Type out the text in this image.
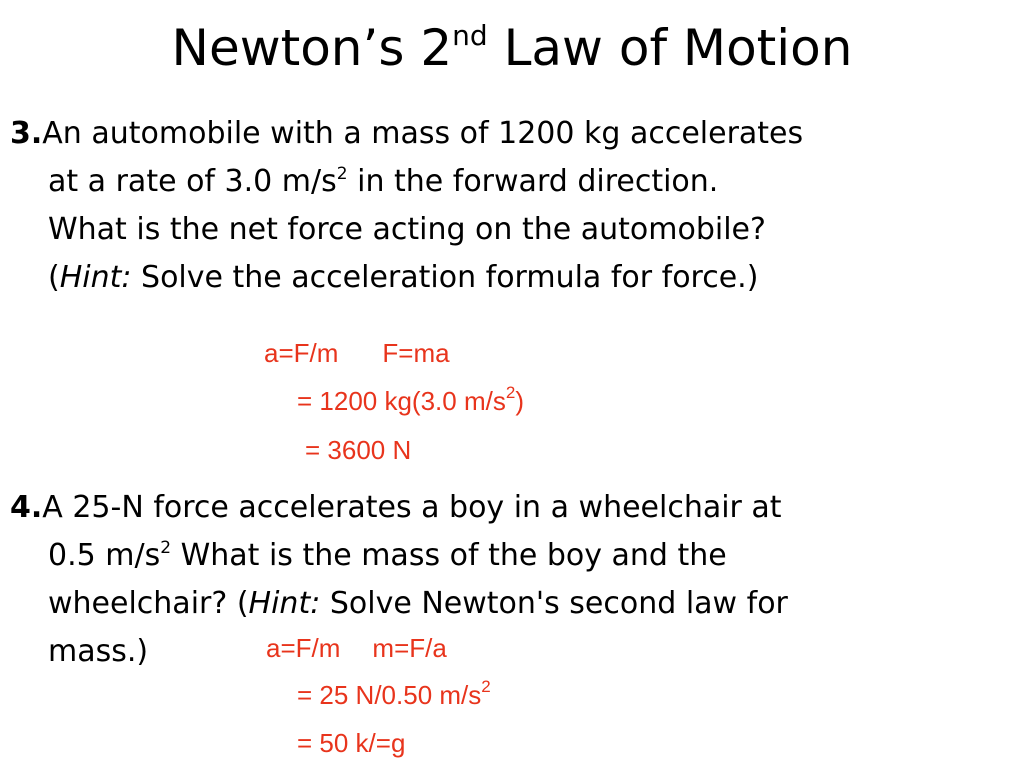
Newton’s 2nd Law of Motion
3.An automobile with a mass of 1200 kg accelerates
at a rate of 3.0 $m/s^2$ in the forward direction.
What is the net force acting on the automobile?
(Hint: Solve the acceleration formula for force.)
a=F/m F=ma
= 1200 kg(3.0 $m/s^2$)
= 3600 N
4.A 25-N force accelerates a boy in a wheelchair at
0.5 $m/s^2$ What is the mass of the boy and the
wheelchair? (Hint: Solve Newton's second law for
mass.)	a=F/m m=F/a
= 25 N/0.50 $m/s^2$
= 50 k/=g
